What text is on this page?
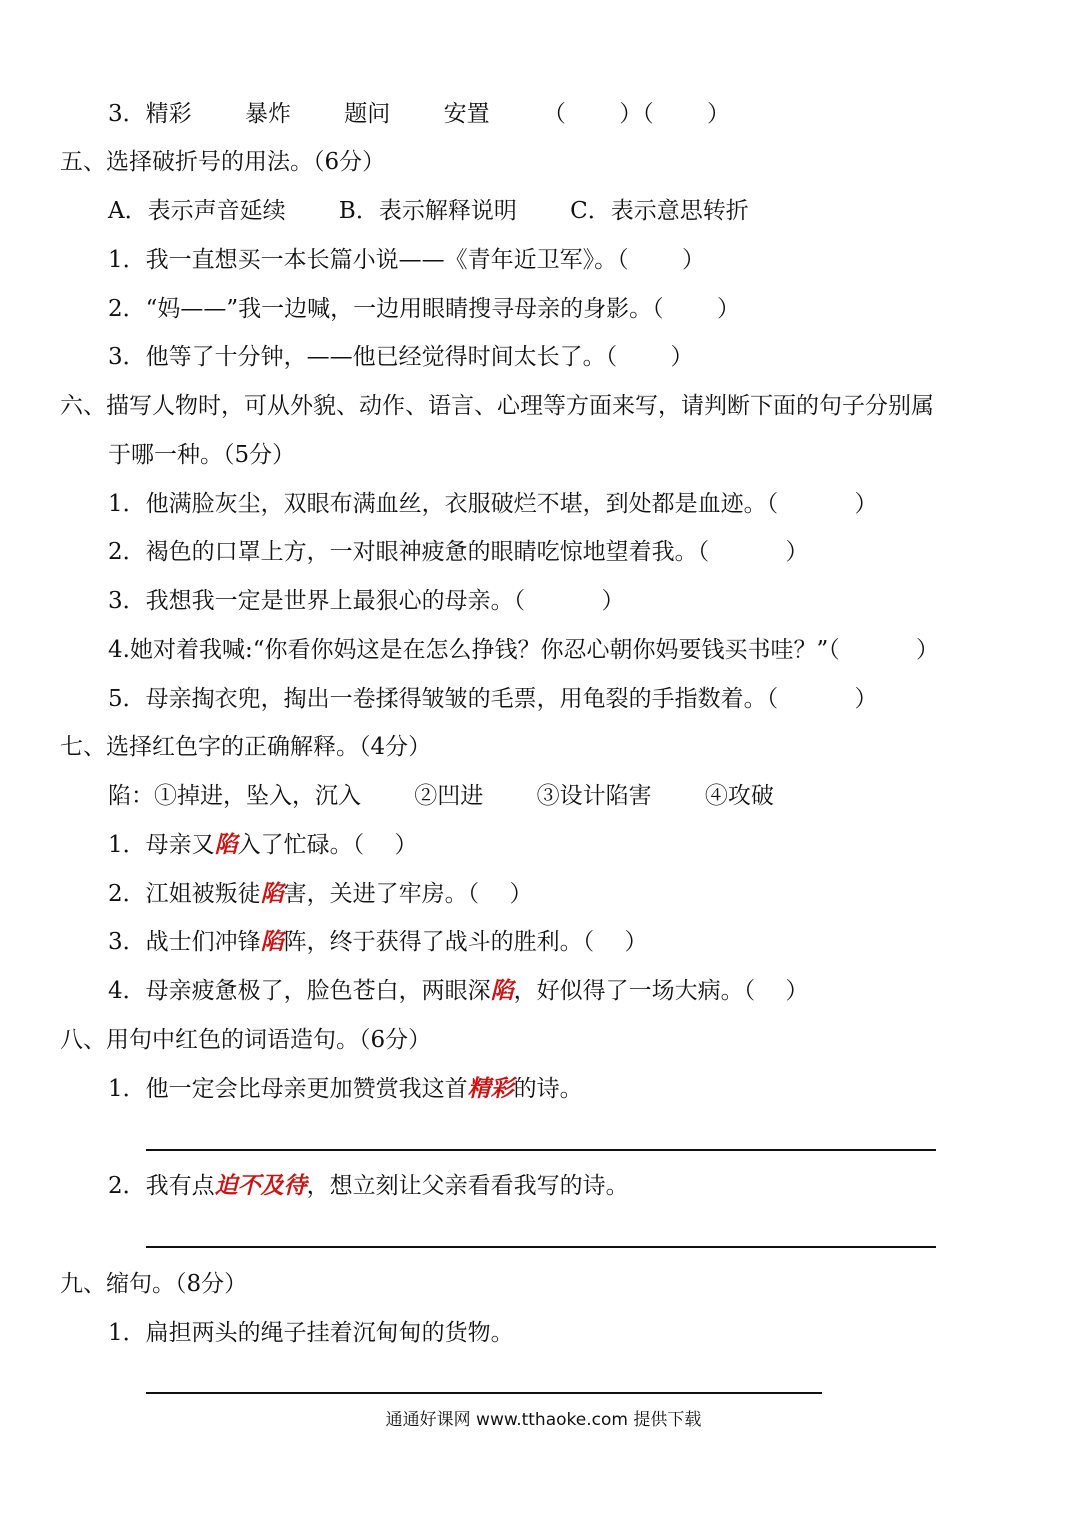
3．精彩　　 暴炸　　 题问　　 安置　　 （　　 ）（　　 ）
五、选择破折号的用法。（6分）
A．表示声音延续　　 B．表示解释说明　　 C．表示意思转折
1．我一直想买一本长篇小说——《青年近卫军》。（　　 ）
2．“妈——”我一边喊，一边用眼睛搜寻母亲的身影。（　　 ）
3．他等了十分钟，——他已经觉得时间太长了。（　　 ）
六、描写人物时，可从外貌、动作、语言、心理等方面来写，请判断下面的句子分别属
于哪一种。（5分）
1．他满脸灰尘，双眼布满血丝，衣服破烂不堪，到处都是血迹。（　　　 ）
2．褐色的口罩上方，一对眼神疲惫的眼睛吃惊地望着我。（　　　 ）
3．我想我一定是世界上最狠心的母亲。（　　　 ）
4.她对着我喊:“你看你妈这是在怎么挣钱？你忍心朝你妈要钱买书哇？”（　　　 ）
5．母亲掏衣兜，掏出一卷揉得皱皱的毛票，用龟裂的手指数着。（　　　 ）
七、选择红色字的正确解释。（4分）
陷：①掉进，坠入，沉入　　 ②凹进　　 ③设计陷害　　 ④攻破
1．母亲又陷入了忙碌。（　 ）
2．江姐被叛徒陷害，关进了牢房。（　 ）
3．战士们冲锋陷阵，终于获得了战斗的胜利。（　 ）
4．母亲疲惫极了，脸色苍白，两眼深陷，好似得了一场大病。（　 ）
八、用句中红色的词语造句。（6分）
1．他一定会比母亲更加赞赏我这首精彩的诗。
2．我有点迫不及待，想立刻让父亲看看我写的诗。
九、缩句。（8分）
1．扁担两头的绳子挂着沉甸甸的货物。
通通好课网 www.tthaoke.com 提供下载
